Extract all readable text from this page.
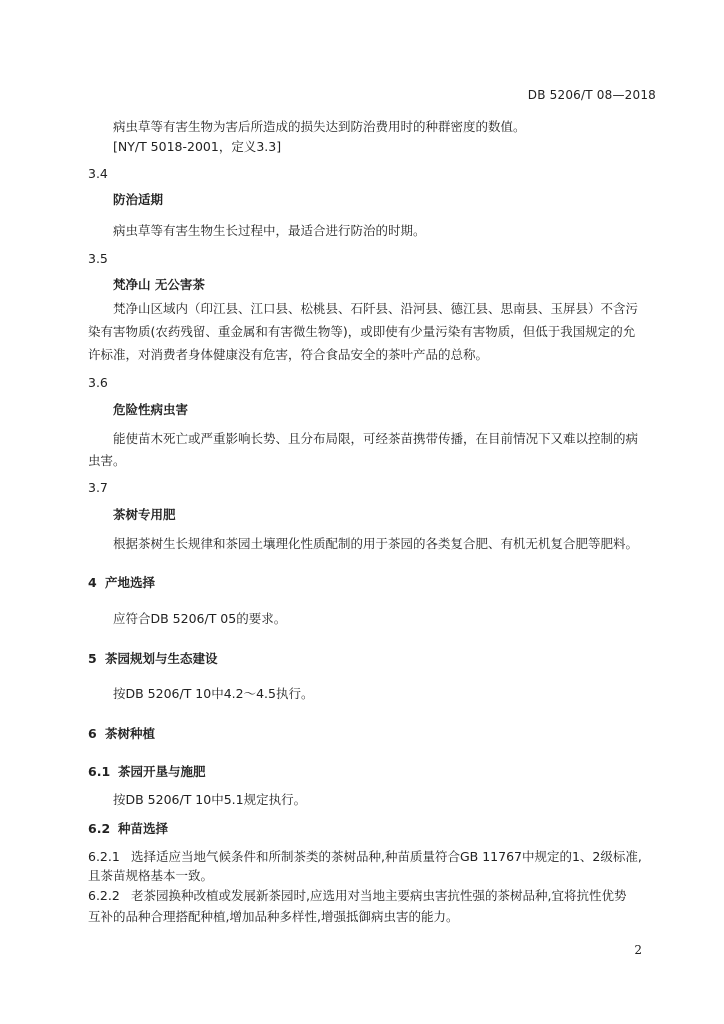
DB 5206/T 08—2018
病虫草等有害生物为害后所造成的损失达到防治费用时的种群密度的数值。
[NY/T 5018-2001，定义3.3]
3.4
防治适期
病虫草等有害生物生长过程中，最适合进行防治的时期。
3.5
梵净山 无公害茶
梵净山区域内（印江县、江口县、松桃县、石阡县、沿河县、德江县、思南县、玉屏县）不含污
染有害物质(农药残留、重金属和有害微生物等)，或即使有少量污染有害物质，但低于我国规定的允
许标准，对消费者身体健康没有危害，符合食品安全的茶叶产品的总称。
3.6
危险性病虫害
能使苗木死亡或严重影响长势、且分布局限，可经茶苗携带传播，在目前情况下又难以控制的病
虫害。
3.7
茶树专用肥
根据茶树生长规律和茶园土壤理化性质配制的用于茶园的各类复合肥、有机无机复合肥等肥料。
4 产地选择
应符合DB 5206/T 05的要求。
5 茶园规划与生态建设
按DB 5206/T 10中4.2～4.5执行。
6 茶树种植
6.1 茶园开垦与施肥
按DB 5206/T 10中5.1规定执行。
6.2 种苗选择
6.2.1 选择适应当地气候条件和所制茶类的茶树品种,种苗质量符合GB 11767中规定的1、2级标准,
且茶苗规格基本一致。
6.2.2 老茶园换种改植或发展新茶园时,应选用对当地主要病虫害抗性强的茶树品种,宜将抗性优势
互补的品种合理搭配种植,增加品种多样性,增强抵御病虫害的能力。
2
